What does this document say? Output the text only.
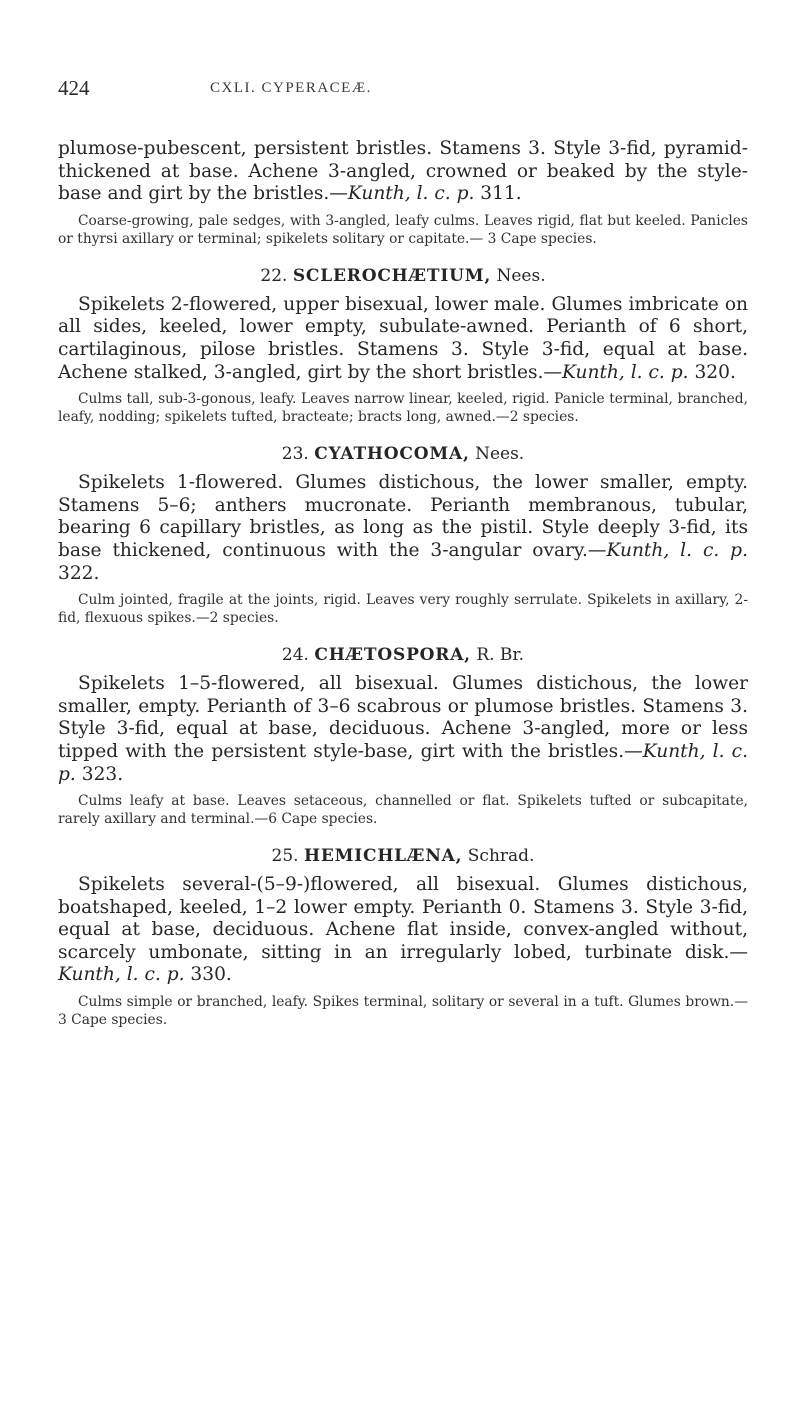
424	CXLI. CYPERACEÆ.

plumose-pubescent, persistent bristles. Stamens 3. Style 3-fid, pyramid-thickened at base. Achene 3-angled, crowned or beaked by the style-base and girt by the bristles.—Kunth, l. c. p. 311.

Coarse-growing, pale sedges, with 3-angled, leafy culms. Leaves rigid, flat but keeled. Panicles or thyrsi axillary or terminal; spikelets solitary or capitate.— 3 Cape species.

22. SCLEROCHÆTIUM, Nees.

Spikelets 2-flowered, upper bisexual, lower male. Glumes imbricate on all sides, keeled, lower empty, subulate-awned. Perianth of 6 short, cartilaginous, pilose bristles. Stamens 3. Style 3-fid, equal at base. Achene stalked, 3-angled, girt by the short bristles.—Kunth, l. c. p. 320.

Culms tall, sub-3-gonous, leafy. Leaves narrow linear, keeled, rigid. Panicle terminal, branched, leafy, nodding; spikelets tufted, bracteate; bracts long, awned.—2 species.

23. CYATHOCOMA, Nees.

Spikelets 1-flowered. Glumes distichous, the lower smaller, empty. Stamens 5–6; anthers mucronate. Perianth membranous, tubular, bearing 6 capillary bristles, as long as the pistil. Style deeply 3-fid, its base thickened, continuous with the 3-angular ovary.—Kunth, l. c. p. 322.

Culm jointed, fragile at the joints, rigid. Leaves very roughly serrulate. Spikelets in axillary, 2-fid, flexuous spikes.—2 species.

24. CHÆTOSPORA, R. Br.

Spikelets 1–5-flowered, all bisexual. Glumes distichous, the lower smaller, empty. Perianth of 3–6 scabrous or plumose bristles. Stamens 3. Style 3-fid, equal at base, deciduous. Achene 3-angled, more or less tipped with the persistent style-base, girt with the bristles.—Kunth, l. c. p. 323.

Culms leafy at base. Leaves setaceous, channelled or flat. Spikelets tufted or subcapitate, rarely axillary and terminal.—6 Cape species.

25. HEMICHLÆNA, Schrad.

Spikelets several-(5–9-)flowered, all bisexual. Glumes distichous, boatshaped, keeled, 1–2 lower empty. Perianth 0. Stamens 3. Style 3-fid, equal at base, deciduous. Achene flat inside, convex-angled without, scarcely umbonate, sitting in an irregularly lobed, turbinate disk.—Kunth, l. c. p. 330.

Culms simple or branched, leafy. Spikes terminal, solitary or several in a tuft. Glumes brown.—3 Cape species.
